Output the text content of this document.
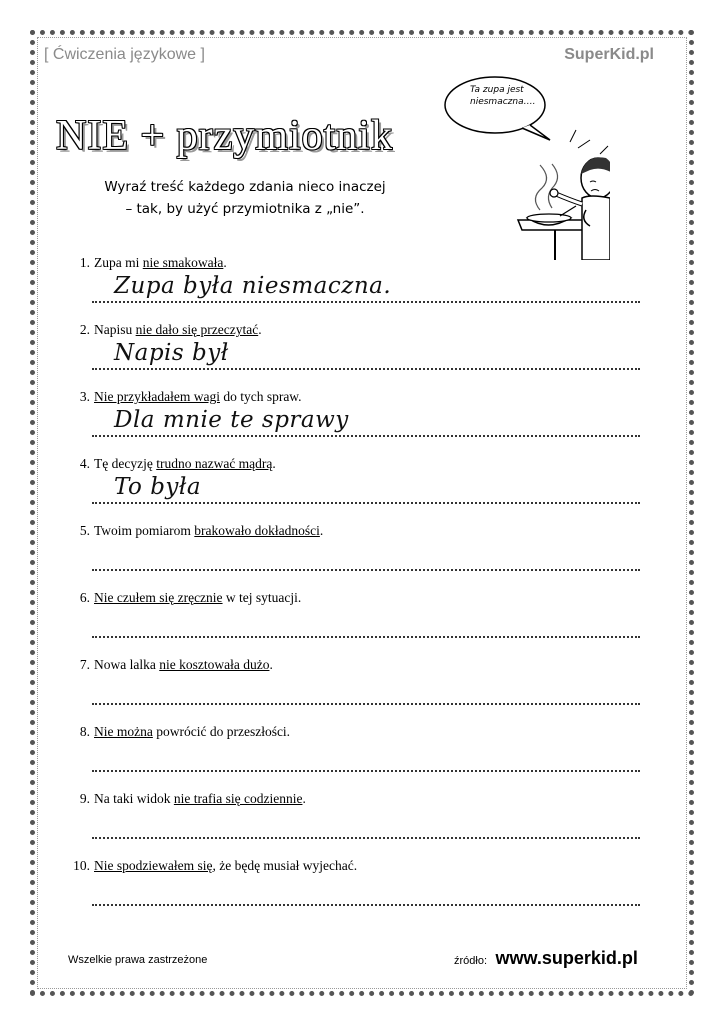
[ Ćwiczenia językowe ]	SuperKid.pl
NIE + przymiotnik
Wyraź treść każdego zdania nieco inaczej
– tak, by użyć przymiotnika z „nie”.
Ta zupa jest
niesmaczna….
1. Zupa mi nie smakowała.
Zupa była niesmaczna.
2. Napisu nie dało się przeczytać.
Napis był
3. Nie przykładałem wagi do tych spraw.
Dla mnie te sprawy
4. Tę decyzję trudno nazwać mądrą.
To była
5. Twoim pomiarom brakowało dokładności.
6. Nie czułem się zręcznie w tej sytuacji.
7. Nowa lalka nie kosztowała dużo.
8. Nie można powrócić do przeszłości.
9. Na taki widok nie trafia się codziennie.
10. Nie spodziewałem się, że będę musiał wyjechać.
Wszelkie prawa zastrzeżone	źródło: www.superkid.pl
